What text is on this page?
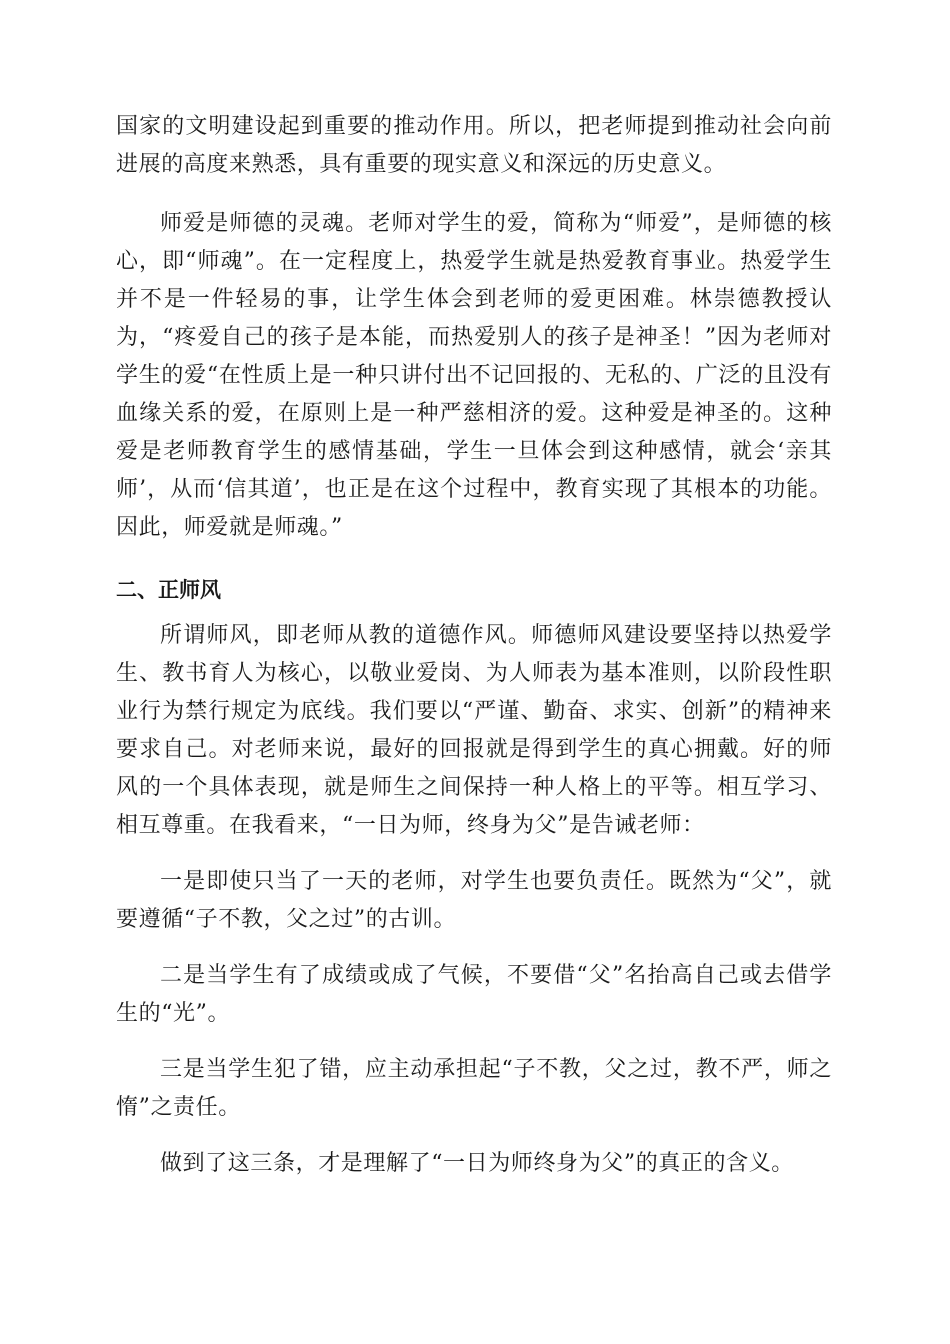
国家的文明建设起到重要的推动作用。所以，把老师提到推动社会向前进展的高度来熟悉，具有重要的现实意义和深远的历史意义。

师爱是师德的灵魂。老师对学生的爱，简称为“师爱”，是师德的核心，即“师魂”。在一定程度上，热爱学生就是热爱教育事业。热爱学生并不是一件轻易的事，让学生体会到老师的爱更困难。林崇德教授认为，“疼爱自己的孩子是本能，而热爱别人的孩子是神圣！”因为老师对学生的爱“在性质上是一种只讲付出不记回报的、无私的、广泛的且没有血缘关系的爱，在原则上是一种严慈相济的爱。这种爱是神圣的。这种爱是老师教育学生的感情基础，学生一旦体会到这种感情，就会‘亲其师’，从而‘信其道’，也正是在这个过程中，教育实现了其根本的功能。因此，师爱就是师魂。”

二、正师风

所谓师风，即老师从教的道德作风。师德师风建设要坚持以热爱学生、教书育人为核心，以敬业爱岗、为人师表为基本准则，以阶段性职业行为禁行规定为底线。我们要以“严谨、勤奋、求实、创新”的精神来要求自己。对老师来说，最好的回报就是得到学生的真心拥戴。好的师风的一个具体表现，就是师生之间保持一种人格上的平等。相互学习、相互尊重。在我看来，“一日为师，终身为父”是告诫老师：

一是即使只当了一天的老师，对学生也要负责任。既然为“父”，就要遵循“子不教，父之过”的古训。

二是当学生有了成绩或成了气候，不要借“父”名抬高自己或去借学生的“光”。

三是当学生犯了错，应主动承担起“子不教，父之过，教不严，师之惰”之责任。

做到了这三条，才是理解了“一日为师终身为父”的真正的含义。
